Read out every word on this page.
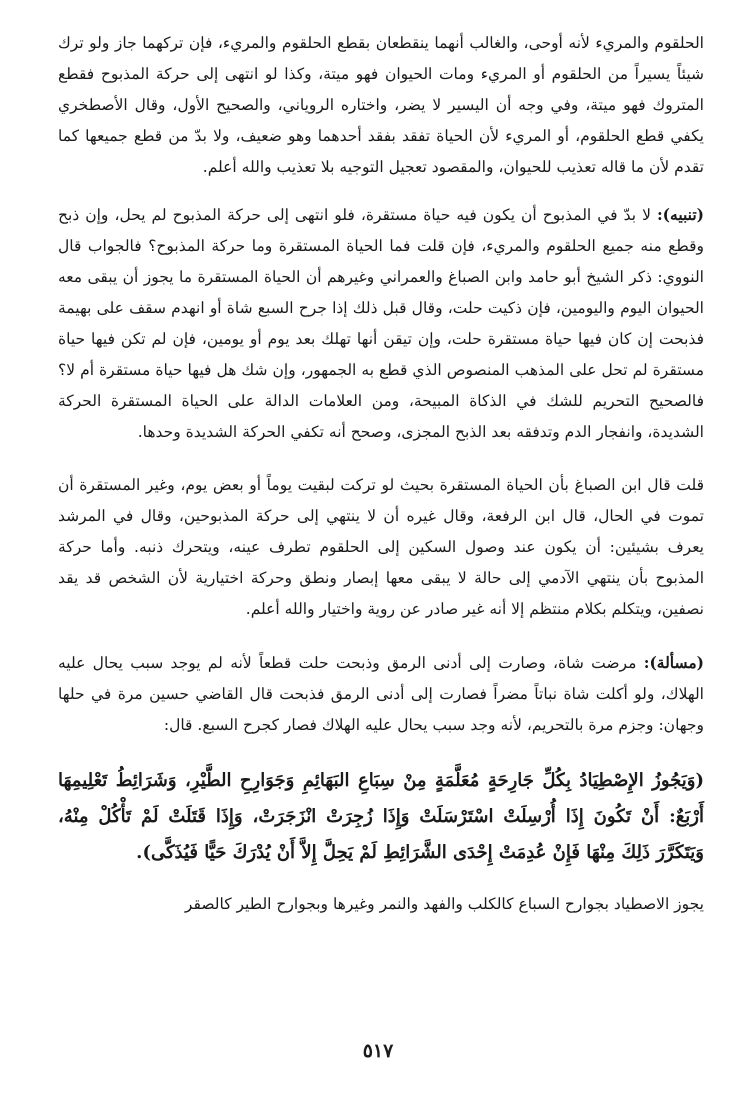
الحلقوم والمريء لأنه أوحى، والغالب أنهما ينقطعان بقطع الحلقوم والمريء، فإن تركهما جاز ولو ترك شيئاً يسيراً من الحلقوم أو المريء ومات الحيوان فهو ميتة، وكذا لو انتهى إلى حركة المذبوح فقطع المتروك فهو ميتة، وفي وجه أن اليسير لا يضر، واختاره الروياني، والصحيح الأول، وقال الأصطخري يكفي قطع الحلقوم، أو المريء لأن الحياة تفقد بفقد أحدهما وهو ضعيف، ولا بدّ من قطع جميعها كما تقدم لأن ما قاله تعذيب للحيوان، والمقصود تعجيل التوجيه بلا تعذيب والله أعلم.

(تنبيه): لا بدّ في المذبوح أن يكون فيه حياة مستقرة، فلو انتهى إلى حركة المذبوح لم يحل، وإن ذبح وقطع منه جميع الحلقوم والمريء، فإن قلت فما الحياة المستقرة وما حركة المذبوح؟ فالجواب قال النووي: ذكر الشيخ أبو حامد وابن الصباغ والعمراني وغيرهم أن الحياة المستقرة ما يجوز أن يبقى معه الحيوان اليوم واليومين، فإن ذكيت حلت، وقال قبل ذلك إذا جرح السبع شاة أو انهدم سقف على بهيمة فذبحت إن كان فيها حياة مستقرة حلت، وإن تيقن أنها تهلك بعد يوم أو يومين، فإن لم تكن فيها حياة مستقرة لم تحل على المذهب المنصوص الذي قطع به الجمهور، وإن شك هل فيها حياة مستقرة أم لا؟ فالصحيح التحريم للشك في الذكاة المبيحة، ومن العلامات الدالة على الحياة المستقرة الحركة الشديدة، وانفجار الدم وتدفقه بعد الذبح المجزى، وصحح أنه تكفي الحركة الشديدة وحدها.

قلت قال ابن الصباغ بأن الحياة المستقرة بحيث لو تركت لبقيت يوماً أو بعض يوم، وغير المستقرة أن تموت في الحال، قال ابن الرفعة، وقال غيره أن لا ينتهي إلى حركة المذبوحين، وقال في المرشد يعرف بشيئين: أن يكون عند وصول السكين إلى الحلقوم تطرف عينه، ويتحرك ذنبه. وأما حركة المذبوح بأن ينتهي الآدمي إلى حالة لا يبقى معها إبصار ونطق وحركة اختيارية لأن الشخص قد يقد نصفين، ويتكلم بكلام منتظم إلا أنه غير صادر عن روية واختيار والله أعلم.

(مسألة): مرضت شاة، وصارت إلى أدنى الرمق وذبحت حلت قطعاً لأنه لم يوجد سبب يحال عليه الهلاك، ولو أكلت شاة نباتاً مضراً فصارت إلى أدنى الرمق فذبحت قال القاضي حسين مرة في حلها وجهان: وجزم مرة بالتحريم، لأنه وجد سبب يحال عليه الهلاك فصار كجرح السبع. قال:

(وَيَجُوزُ الإِصْطِيَادُ بِكُلِّ جَارِحَةٍ مُعَلَّمَةٍ مِنْ سِبَاعِ البَهَائِمِ وَجَوَارِحِ الطَّيْرِ، وَشَرَائِطُ تَعْلِيمِهَا أَرْبَعٌ: أَنْ تَكُونَ إِذَا أُرْسِلَتْ اسْتَرْسَلَتْ وَإِذَا زُجِرَتْ انْزَجَرَتْ، وَإِذَا قَتَلَتْ لَمْ تَأْكُلْ مِنْهُ، وَيَتَكَرَّرَ ذَلِكَ مِنْهَا فَإِنْ عُدِمَتْ إِحْدَى الشَّرَائِطِ لَمْ يَحِلَّ إِلاَّ أَنْ يُدْرَكَ حَيًّا فَيُذَكَّى).

يجوز الاصطياد بجوارح السباع كالكلب والفهد والنمر وغيرها وبجوارح الطير كالصقر

٥١٧
